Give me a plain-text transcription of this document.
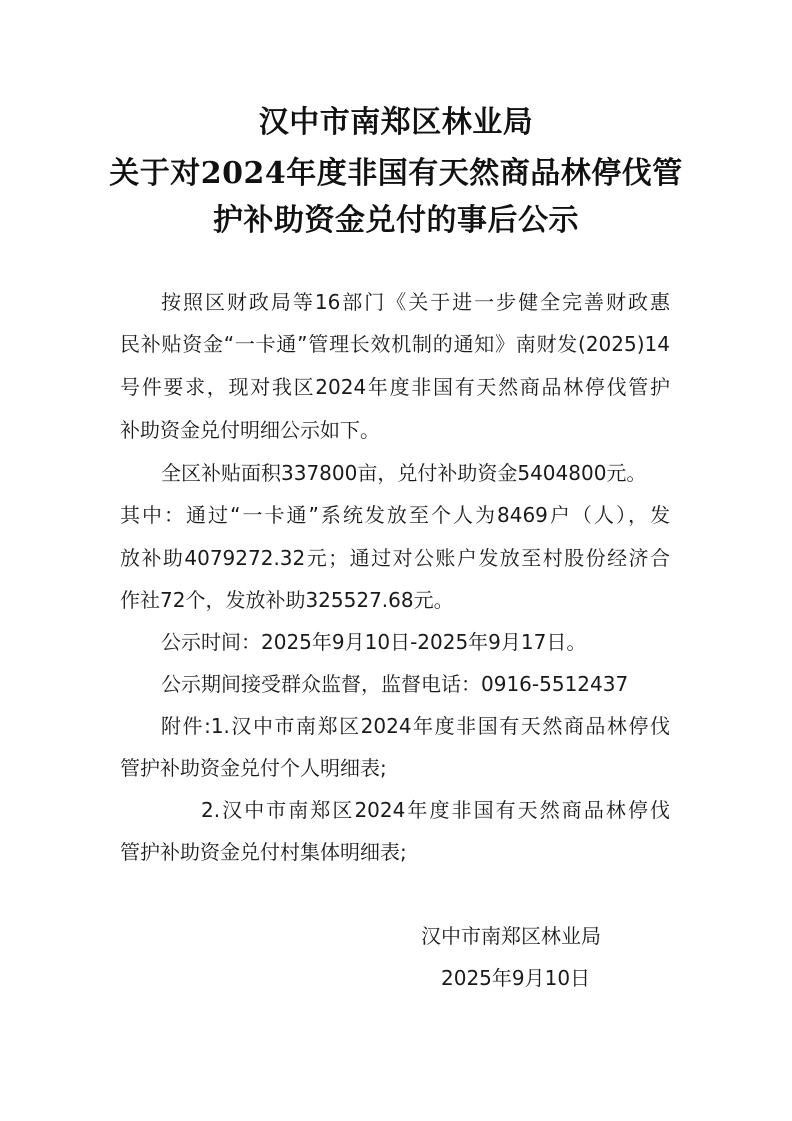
汉中市南郑区林业局
关于对2024年度非国有天然商品林停伐管
护补助资金兑付的事后公示
按照区财政局等16部门《关于进一步健全完善财政惠
民补贴资金“一卡通”管理长效机制的通知》南财发(2025)14
号件要求，现对我区2024年度非国有天然商品林停伐管护
补助资金兑付明细公示如下。
全区补贴面积337800亩，兑付补助资金5404800元。
其中：通过“一卡通”系统发放至个人为8469户（人），发
放补助4079272.32元；通过对公账户发放至村股份经济合
作社72个，发放补助325527.68元。
公示时间：2025年9月10日-2025年9月17日。
公示期间接受群众监督，监督电话：0916-5512437
附件:1.汉中市南郑区2024年度非国有天然商品林停伐
管护补助资金兑付个人明细表;
2.汉中市南郑区2024年度非国有天然商品林停伐
管护补助资金兑付村集体明细表;
汉中市南郑区林业局
2025年9月10日
